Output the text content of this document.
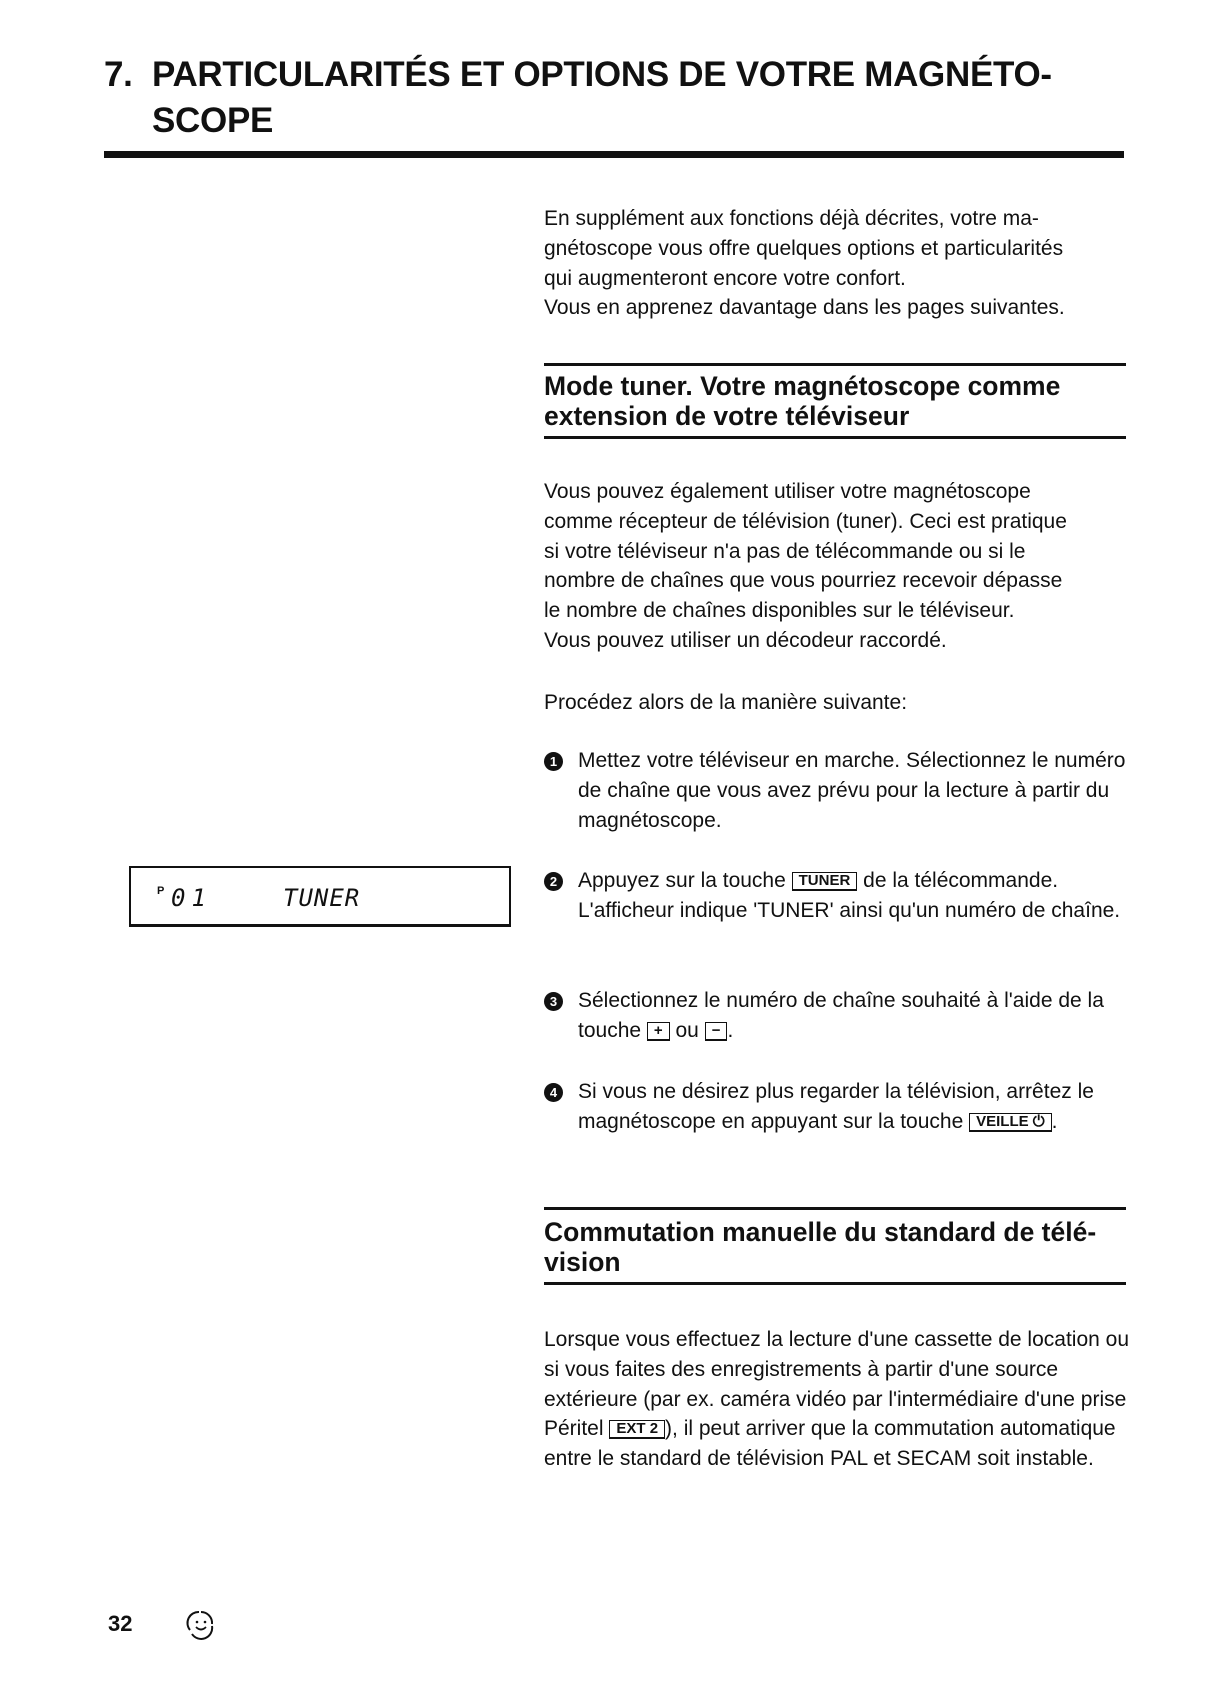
7. PARTICULARITÉS ET OPTIONS DE VOTRE MAGNÉTO-
SCOPE
En supplément aux fonctions déjà décrites, votre ma-
gnétoscope vous offre quelques options et particularités
qui augmenteront encore votre confort.
Vous en apprenez davantage dans les pages suivantes.
Mode tuner. Votre magnétoscope comme
extension de votre téléviseur
Vous pouvez également utiliser votre magnétoscope
comme récepteur de télévision (tuner). Ceci est pratique
si votre téléviseur n'a pas de télécommande ou si le
nombre de chaînes que vous pourriez recevoir dépasse
le nombre de chaînes disponibles sur le téléviseur.
Vous pouvez utiliser un décodeur raccordé.
Procédez alors de la manière suivante:
1 Mettez votre téléviseur en marche. Sélectionnez le numéro de chaîne que vous avez prévu pour la lecture à partir du magnétoscope.
2 Appuyez sur la touche TUNER de la télécommande. L'afficheur indique 'TUNER' ainsi qu'un numéro de chaîne.
3 Sélectionnez le numéro de chaîne souhaité à l'aide de la touche + ou − .
4 Si vous ne désirez plus regarder la télévision, arrêtez le magnétoscope en appuyant sur la touche VEILLE ⏻ .
P 01	TUNER
Commutation manuelle du standard de télé-
vision
Lorsque vous effectuez la lecture d'une cassette de location ou si vous faites des enregistrements à partir d'une source extérieure (par ex. caméra vidéo par l'intermédiaire d'une prise Péritel EXT 2 ), il peut arriver que la commutation automatique entre le standard de télévision PAL et SECAM soit instable.
32
